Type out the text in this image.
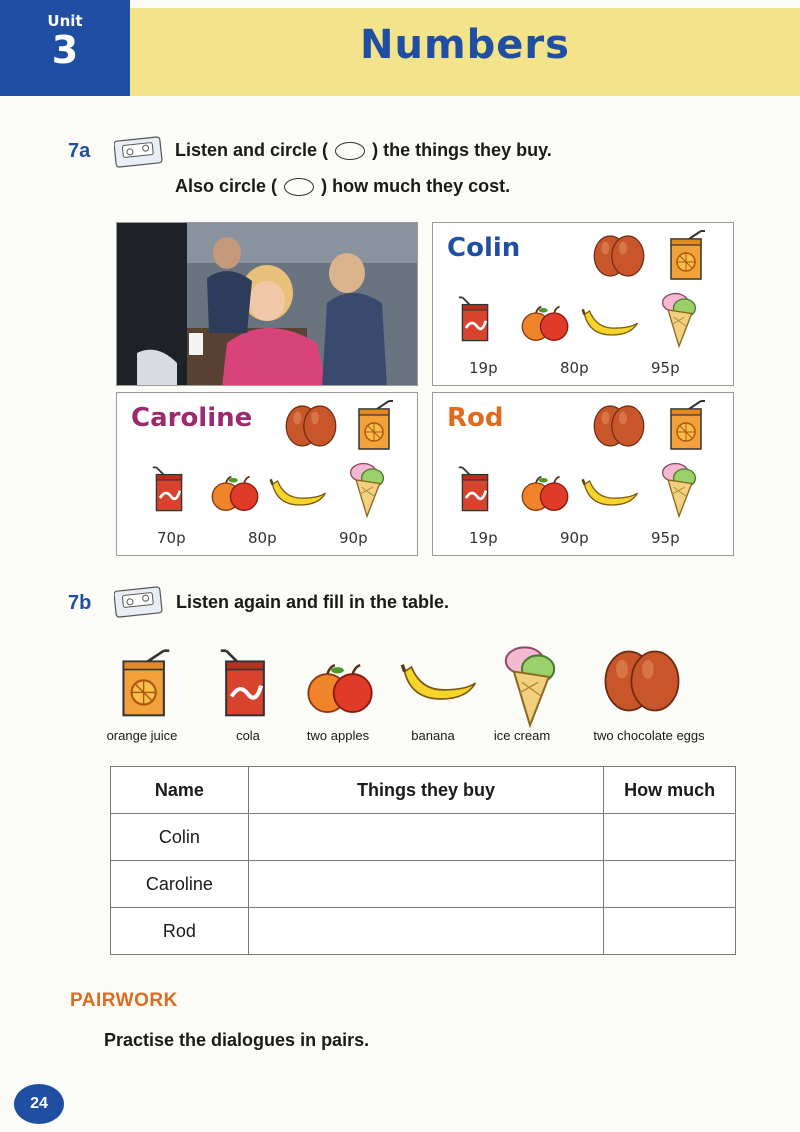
Unit
3	Numbers
7a	Listen and circle ( ) the things they buy.
Also circle ( ) how much they cost.
Colin
19p	80p	95p
Caroline
70p	80p	90p
Rod
19p	90p	95p
7b	Listen again and fill in the table.
orange juice	cola	two apples	banana	ice cream	two chocolate eggs
Name	Things they buy	How much
Colin		
Caroline		
Rod		
PAIRWORK
Practise the dialogues in pairs.
24
